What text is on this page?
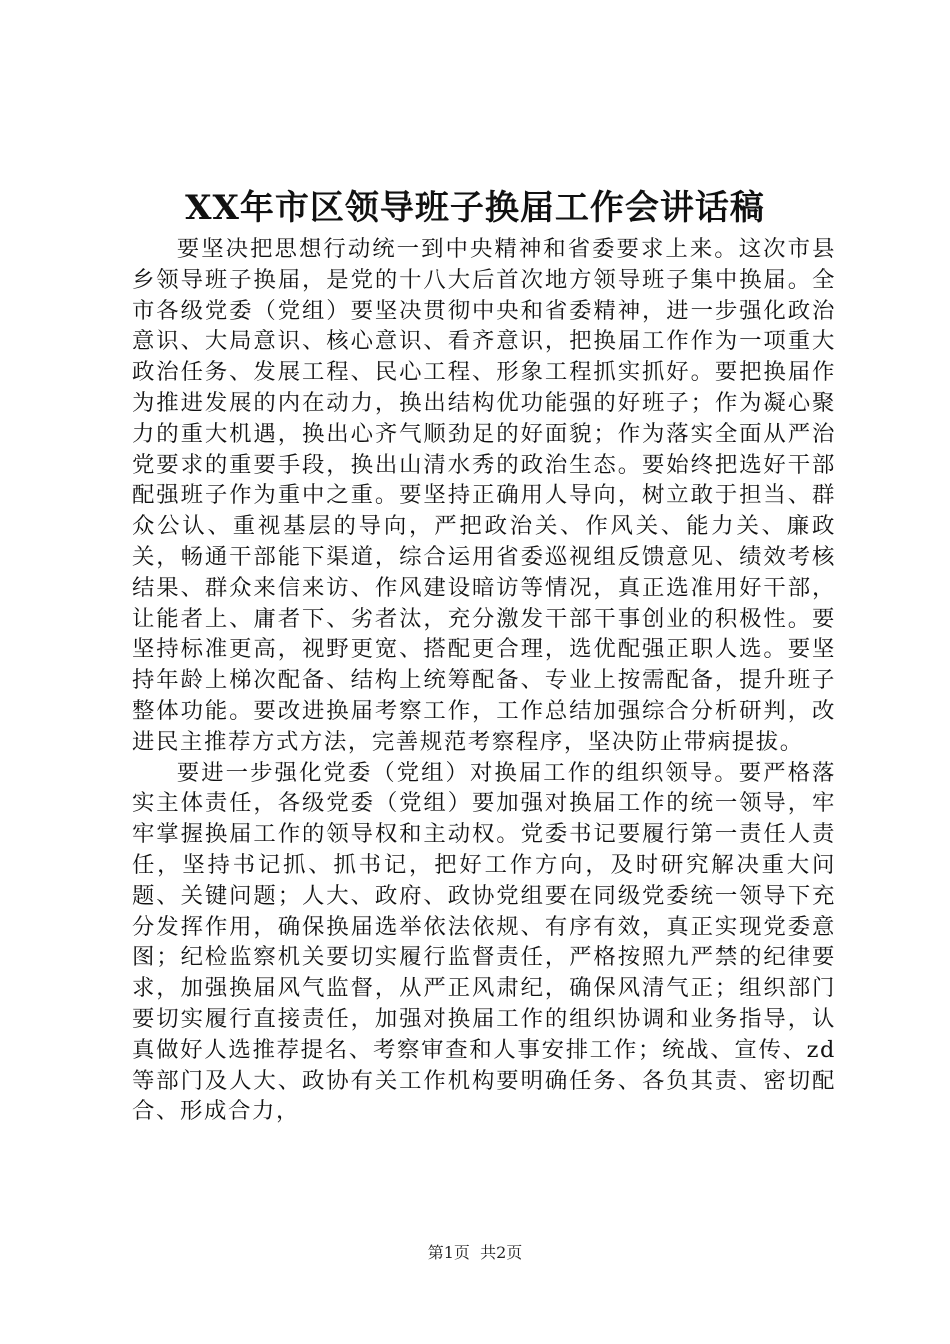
XX年市区领导班子换届工作会讲话稿

要坚决把思想行动统一到中央精神和省委要求上来。这次市县乡领导班子换届，是党的十八大后首次地方领导班子集中换届。全市各级党委（党组）要坚决贯彻中央和省委精神，进一步强化政治意识、大局意识、核心意识、看齐意识，把换届工作作为一项重大政治任务、发展工程、民心工程、形象工程抓实抓好。要把换届作为推进发展的内在动力，换出结构优功能强的好班子；作为凝心聚力的重大机遇，换出心齐气顺劲足的好面貌；作为落实全面从严治党要求的重要手段，换出山清水秀的政治生态。要始终把选好干部配强班子作为重中之重。要坚持正确用人导向，树立敢于担当、群众公认、重视基层的导向，严把政治关、作风关、能力关、廉政关，畅通干部能下渠道，综合运用省委巡视组反馈意见、绩效考核结果、群众来信来访、作风建设暗访等情况，真正选准用好干部，让能者上、庸者下、劣者汰，充分激发干部干事创业的积极性。要坚持标准更高，视野更宽、搭配更合理，选优配强正职人选。要坚持年龄上梯次配备、结构上统筹配备、专业上按需配备，提升班子整体功能。要改进换届考察工作，工作总结加强综合分析研判，改进民主推荐方式方法，完善规范考察程序，坚决防止带病提拔。

要进一步强化党委（党组）对换届工作的组织领导。要严格落实主体责任，各级党委（党组）要加强对换届工作的统一领导，牢牢掌握换届工作的领导权和主动权。党委书记要履行第一责任人责任，坚持书记抓、抓书记，把好工作方向，及时研究解决重大问题、关键问题；人大、政府、政协党组要在同级党委统一领导下充分发挥作用，确保换届选举依法依规、有序有效，真正实现党委意图；纪检监察机关要切实履行监督责任，严格按照九严禁的纪律要求，加强换届风气监督，从严正风肃纪，确保风清气正；组织部门要切实履行直接责任，加强对换届工作的组织协调和业务指导，认真做好人选推荐提名、考察审查和人事安排工作；统战、宣传、zd等部门及人大、政协有关工作机构要明确任务、各负其责、密切配合、形成合力，

第1页  共2页
